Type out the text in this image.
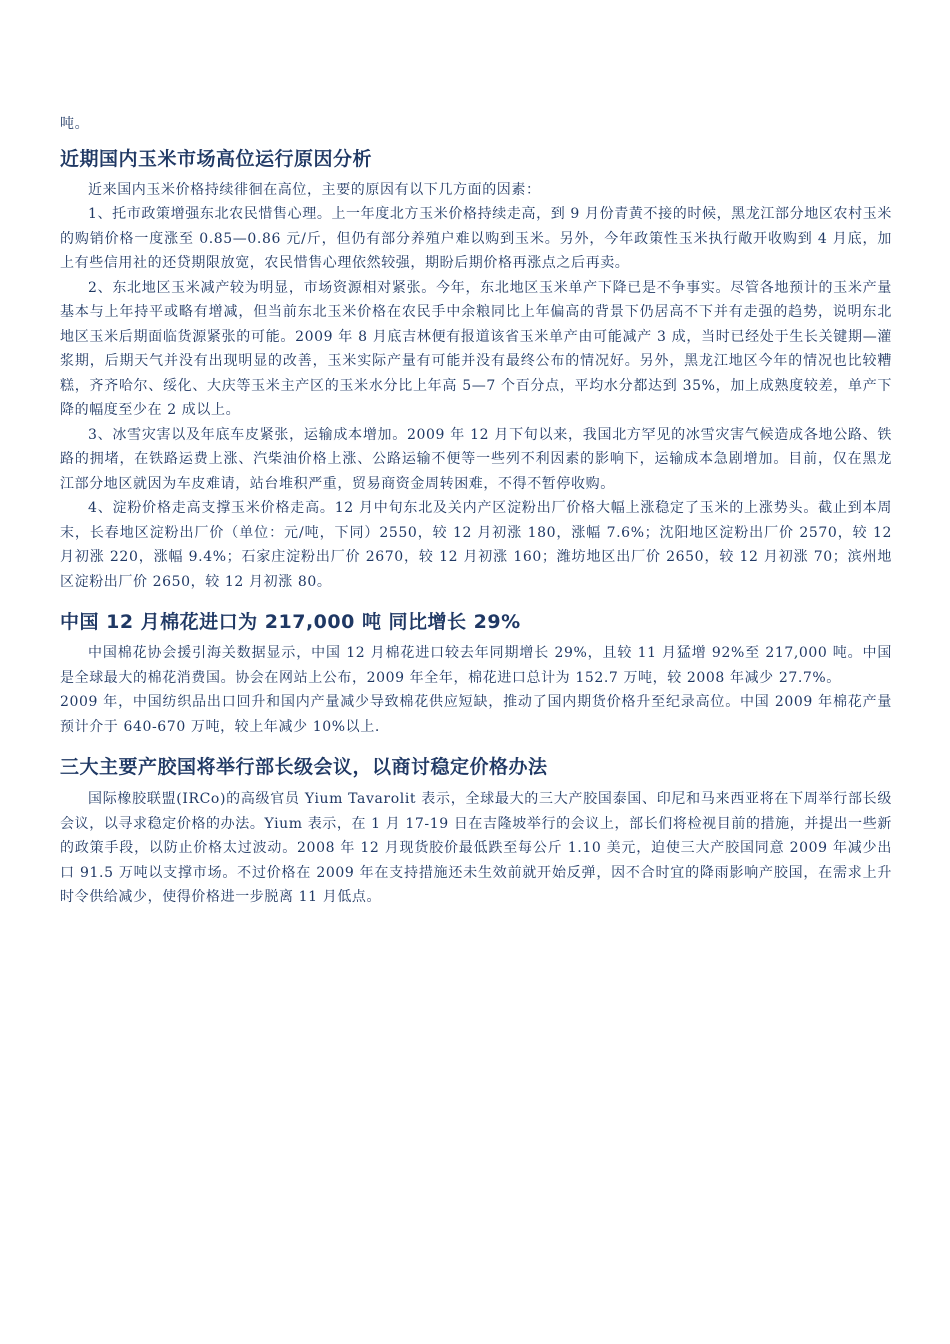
吨。

近期国内玉米市场高位运行原因分析

近来国内玉米价格持续徘徊在高位，主要的原因有以下几方面的因素：

1、托市政策增强东北农民惜售心理。上一年度北方玉米价格持续走高，到 9 月份青黄不接的时候，黑龙江部分地区农村玉米的购销价格一度涨至 0.85—0.86 元/斤，但仍有部分养殖户难以购到玉米。另外，今年政策性玉米执行敞开收购到 4 月底，加上有些信用社的还贷期限放宽，农民惜售心理依然较强，期盼后期价格再涨点之后再卖。

2、东北地区玉米减产较为明显，市场资源相对紧张。今年，东北地区玉米单产下降已是不争事实。尽管各地预计的玉米产量基本与上年持平或略有增减，但当前东北玉米价格在农民手中余粮同比上年偏高的背景下仍居高不下并有走强的趋势，说明东北地区玉米后期面临货源紧张的可能。2009 年 8 月底吉林便有报道该省玉米单产由可能减产 3 成，当时已经处于生长关键期—灌浆期，后期天气并没有出现明显的改善，玉米实际产量有可能并没有最终公布的情况好。另外，黑龙江地区今年的情况也比较糟糕，齐齐哈尔、绥化、大庆等玉米主产区的玉米水分比上年高 5—7 个百分点，平均水分都达到 35%，加上成熟度较差，单产下降的幅度至少在 2 成以上。

3、冰雪灾害以及年底车皮紧张，运输成本增加。2009 年 12 月下旬以来，我国北方罕见的冰雪灾害气候造成各地公路、铁路的拥堵，在铁路运费上涨、汽柴油价格上涨、公路运输不便等一些列不利因素的影响下，运输成本急剧增加。目前，仅在黑龙江部分地区就因为车皮难请，站台堆积严重，贸易商资金周转困难，不得不暂停收购。

4、淀粉价格走高支撑玉米价格走高。12 月中旬东北及关内产区淀粉出厂价格大幅上涨稳定了玉米的上涨势头。截止到本周末，长春地区淀粉出厂价（单位：元/吨，下同）2550，较 12 月初涨 180，涨幅 7.6%；沈阳地区淀粉出厂价 2570，较 12 月初涨 220，涨幅 9.4%；石家庄淀粉出厂价 2670，较 12 月初涨 160；潍坊地区出厂价 2650，较 12 月初涨 70；滨州地区淀粉出厂价 2650，较 12 月初涨 80。

中国 12 月棉花进口为 217,000 吨 同比增长 29%

中国棉花协会援引海关数据显示，中国 12 月棉花进口较去年同期增长 29%，且较 11 月猛增 92%至 217,000 吨。中国是全球最大的棉花消费国。协会在网站上公布，2009 年全年，棉花进口总计为 152.7 万吨，较 2008 年减少 27.7%。

2009 年，中国纺织品出口回升和国内产量减少导致棉花供应短缺，推动了国内期货价格升至纪录高位。中国 2009 年棉花产量预计介于 640-670 万吨，较上年减少 10%以上.

三大主要产胶国将举行部长级会议，以商讨稳定价格办法

国际橡胶联盟(IRCo)的高级官员 Yium Tavarolit 表示，全球最大的三大产胶国泰国、印尼和马来西亚将在下周举行部长级会议，以寻求稳定价格的办法。Yium 表示，在 1 月 17-19 日在吉隆坡举行的会议上，部长们将检视目前的措施，并提出一些新的政策手段，以防止价格太过波动。2008 年 12 月现货胶价最低跌至每公斤 1.10 美元，迫使三大产胶国同意 2009 年减少出口 91.5 万吨以支撑市场。不过价格在 2009 年在支持措施还未生效前就开始反弹，因不合时宜的降雨影响产胶国，在需求上升时令供给减少，使得价格进一步脱离 11 月低点。
